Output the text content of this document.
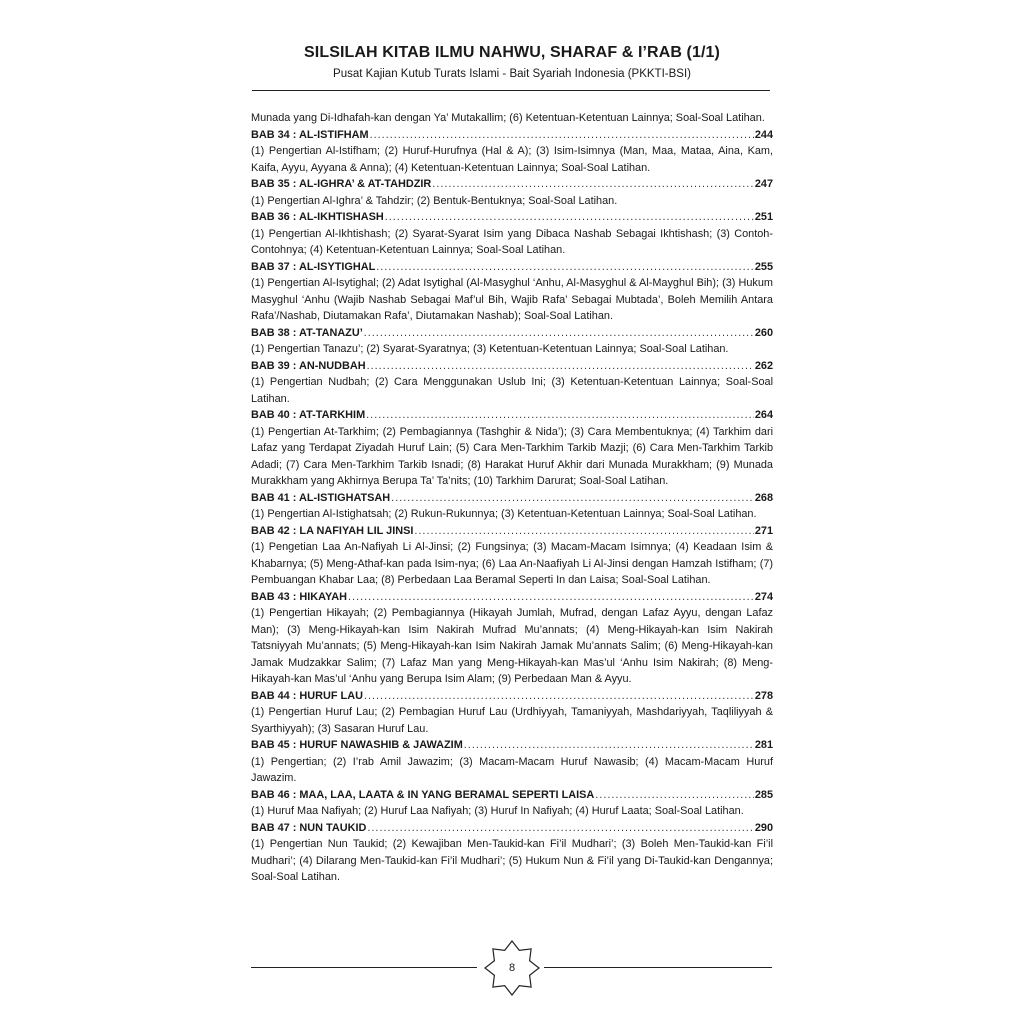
SILSILAH KITAB ILMU NAHWU, SHARAF & I’RAB (1/1)
Pusat Kajian Kutub Turats Islami - Bait Syariah Indonesia (PKKTI-BSI)

Munada yang Di-Idhafah-kan dengan Ya’ Mutakallim; (6) Ketentuan-Ketentuan Lainnya; Soal-Soal Latihan.

BAB 34 : AL-ISTIFHAM .....	244

(1) Pengertian Al-Istifham; (2) Huruf-Hurufnya (Hal & A); (3) Isim-Isimnya (Man, Maa, Mataa, Aina, Kam, Kaifa, Ayyu, Ayyana & Anna); (4) Ketentuan-Ketentuan Lainnya; Soal-Soal Latihan.

BAB 35 : AL-IGHRA’ & AT-TAHDZIR .....	247

(1) Pengertian Al-Ighra’ & Tahdzir; (2) Bentuk-Bentuknya; Soal-Soal Latihan.

BAB 36 : AL-IKHTISHASH .....	251

(1) Pengertian Al-Ikhtishash; (2) Syarat-Syarat Isim yang Dibaca Nashab Sebagai Ikhtishash; (3) Contoh-Contohnya; (4) Ketentuan-Ketentuan Lainnya; Soal-Soal Latihan.

BAB 37 : AL-ISYTIGHAL .....	255

(1) Pengertian Al-Isytighal; (2) Adat Isytighal (Al-Masyghul ‘Anhu, Al-Masyghul & Al-Mayghul Bih); (3) Hukum Masyghul ‘Anhu (Wajib Nashab Sebagai Maf’ul Bih, Wajib Rafa’ Sebagai Mubtada’, Boleh Memilih Antara Rafa’/Nashab, Diutamakan Rafa’, Diutamakan Nashab); Soal-Soal Latihan.

BAB 38 : AT-TANAZU’ .....	260

(1) Pengertian Tanazu’; (2) Syarat-Syaratnya; (3) Ketentuan-Ketentuan Lainnya; Soal-Soal Latihan.

BAB 39 : AN-NUDBAH .....	262

(1) Pengertian Nudbah; (2) Cara Menggunakan Uslub Ini; (3) Ketentuan-Ketentuan Lainnya; Soal-Soal Latihan.

BAB 40 : AT-TARKHIM .....	264

(1) Pengertian At-Tarkhim; (2) Pembagiannya (Tashghir & Nida’); (3) Cara Membentuknya; (4) Tarkhim dari Lafaz yang Terdapat Ziyadah Huruf Lain; (5) Cara Men-Tarkhim Tarkib Mazji; (6) Cara Men-Tarkhim Tarkib Adadi; (7) Cara Men-Tarkhim Tarkib Isnadi; (8) Harakat Huruf Akhir dari Munada Murakkham; (9) Munada Murakkham yang Akhirnya Berupa Ta’ Ta’nits; (10) Tarkhim Darurat; Soal-Soal Latihan.

BAB 41 : AL-ISTIGHATSAH .....	268

(1) Pengertian Al-Istighatsah; (2) Rukun-Rukunnya; (3) Ketentuan-Ketentuan Lainnya; Soal-Soal Latihan.

BAB 42 : LA NAFIYAH LIL JINSI .....	271

(1) Pengetian Laa An-Nafiyah Li Al-Jinsi; (2) Fungsinya; (3) Macam-Macam Isimnya; (4) Keadaan Isim & Khabarnya; (5) Meng-Athaf-kan pada Isim-nya; (6) Laa An-Naafiyah Li Al-Jinsi dengan Hamzah Istifham; (7) Pembuangan Khabar Laa; (8) Perbedaan Laa Beramal Seperti In dan Laisa; Soal-Soal Latihan.

BAB 43 : HIKAYAH .....	274

(1) Pengertian Hikayah; (2) Pembagiannya (Hikayah Jumlah, Mufrad, dengan Lafaz Ayyu, dengan Lafaz Man); (3) Meng-Hikayah-kan Isim Nakirah Mufrad Mu’annats; (4) Meng-Hikayah-kan Isim Nakirah Tatsniyyah Mu’annats; (5) Meng-Hikayah-kan Isim Nakirah Jamak Mu’annats Salim; (6) Meng-Hikayah-kan Jamak Mudzakkar Salim; (7) Lafaz Man yang Meng-Hikayah-kan Mas’ul ‘Anhu Isim Nakirah; (8) Meng-Hikayah-kan Mas’ul ‘Anhu yang Berupa Isim Alam; (9) Perbedaan Man & Ayyu.

BAB 44 : HURUF LAU .....	278

(1) Pengertian Huruf Lau; (2) Pembagian Huruf Lau (Urdhiyyah, Tamaniyyah, Mashdariyyah, Taqliliyyah & Syarthiyyah); (3) Sasaran Huruf Lau.

BAB 45 : HURUF NAWASHIB & JAWAZIM .....	281

(1) Pengertian; (2) I’rab Amil Jawazim; (3) Macam-Macam Huruf Nawasib; (4) Macam-Macam Huruf Jawazim.

BAB 46 : MAA, LAA, LAATA & IN YANG BERAMAL SEPERTI LAISA .....	285

(1) Huruf Maa Nafiyah; (2) Huruf Laa Nafiyah; (3) Huruf In Nafiyah; (4) Huruf Laata; Soal-Soal Latihan.

BAB 47 : NUN TAUKID .....	290

(1) Pengertian Nun Taukid; (2) Kewajiban Men-Taukid-kan Fi’il Mudhari’; (3) Boleh Men-Taukid-kan Fi’il Mudhari’; (4) Dilarang Men-Taukid-kan Fi’il Mudhari’; (5) Hukum Nun & Fi’il yang Di-Taukid-kan Dengannya; Soal-Soal Latihan.

8
